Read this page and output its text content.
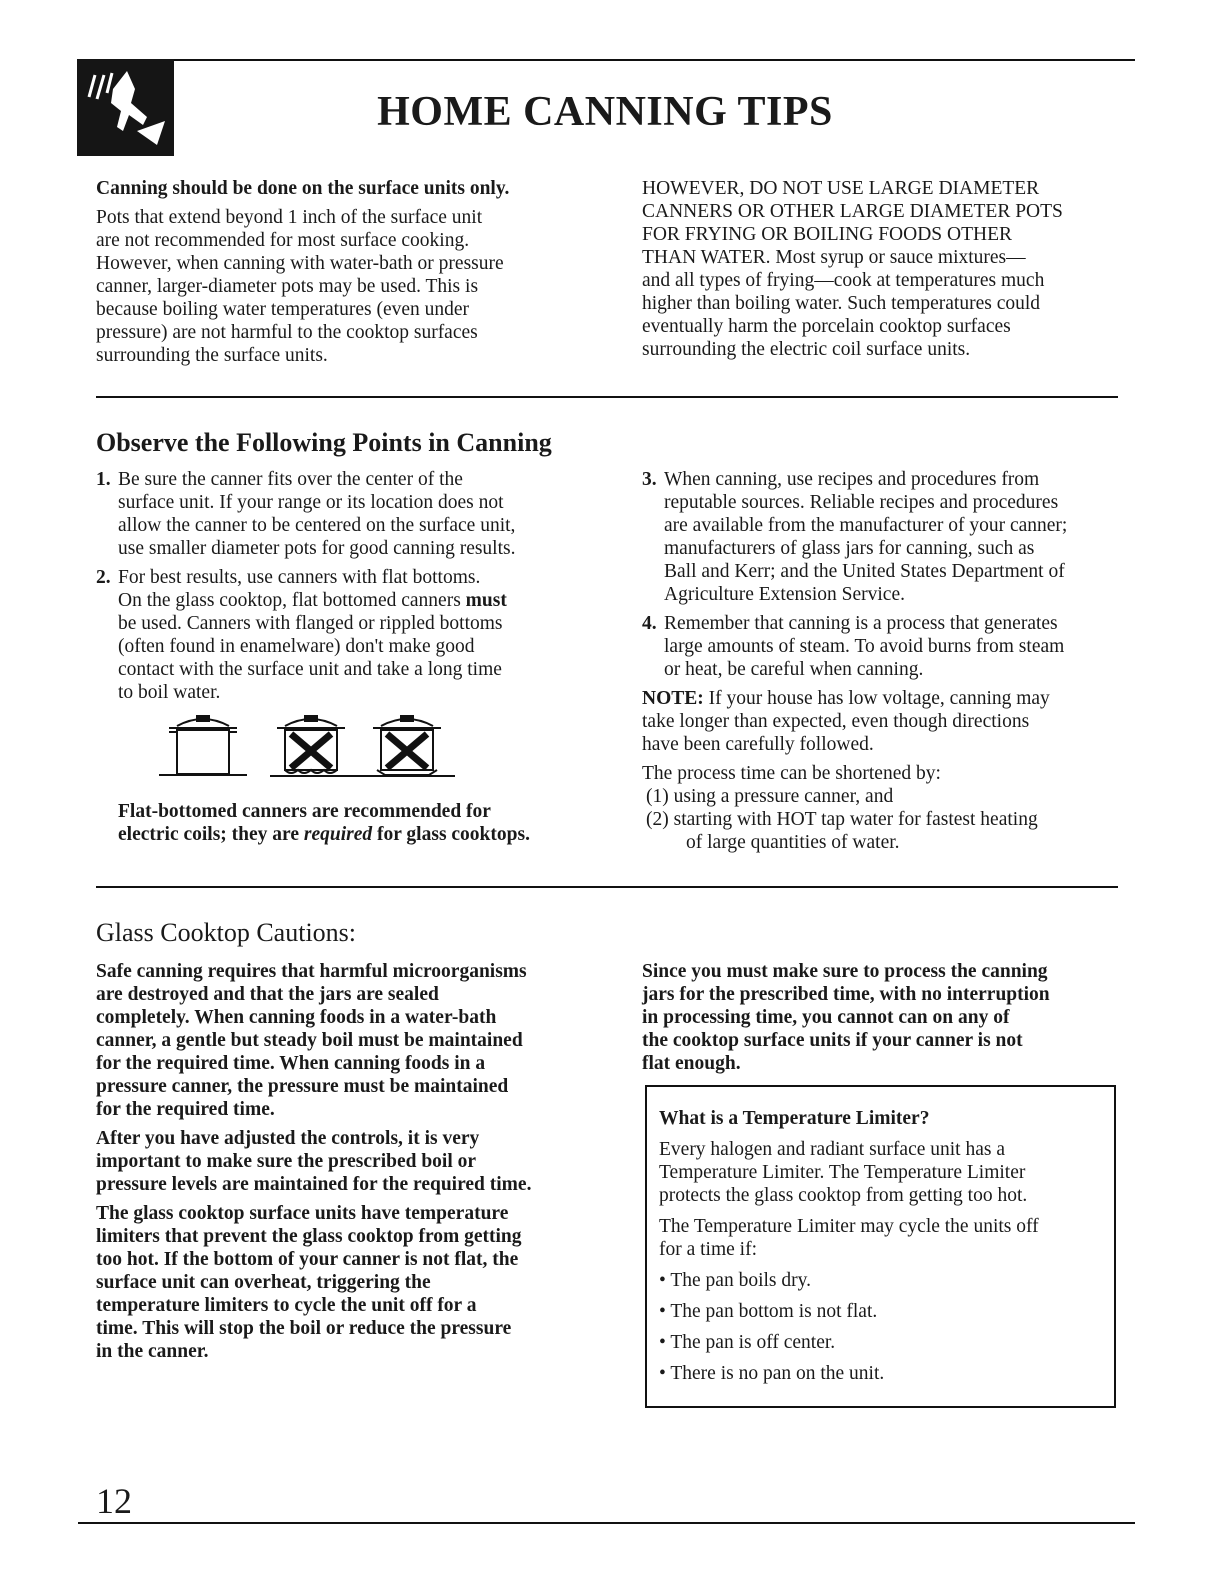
HOME CANNING TIPS

Canning should be done on the surface units only.

Pots that extend beyond 1 inch of the surface unit

are not recommended for most surface cooking.

However, when canning with water-bath or pressure

canner, larger-diameter pots may be used. This is

because boiling water temperatures (even under

pressure) are not harmful to the cooktop surfaces

surrounding the surface units.

HOWEVER, DO NOT USE LARGE DIAMETER

CANNERS OR OTHER LARGE DIAMETER POTS

FOR FRYING OR BOILING FOODS OTHER

THAN WATER. Most syrup or sauce mixtures—

and all types of frying—cook at temperatures much

higher than boiling water. Such temperatures could

eventually harm the porcelain cooktop surfaces

surrounding the electric coil surface units.

Observe the Following Points in Canning
1. Be sure the canner fits over the center of the

surface unit. If your range or its location does not

allow the canner to be centered on the surface unit,

use smaller diameter pots for good canning results.

2. For best results, use canners with flat bottoms.

On the glass cooktop, flat bottomed canners must

be used. Canners with flanged or rippled bottoms

(often found in enamelware) don't make good

contact with the surface unit and take a long time

to boil water.

Flat-bottomed canners are recommended for

electric coils; they are required for glass cooktops.

3. When canning, use recipes and procedures from

reputable sources. Reliable recipes and procedures

are available from the manufacturer of your canner;

manufacturers of glass jars for canning, such as

Ball and Kerr; and the United States Department of

Agriculture Extension Service.

4. Remember that canning is a process that generates

large amounts of steam. To avoid burns from steam

or heat, be careful when canning.

NOTE: If your house has low voltage, canning may

take longer than expected, even though directions

have been carefully followed.

The process time can be shortened by:

(1) using a pressure canner, and

(2) starting with HOT tap water for fastest heating

of large quantities of water.

Glass Cooktop Cautions:

Safe canning requires that harmful microorganisms

are destroyed and that the jars are sealed

completely. When canning foods in a water-bath

canner, a gentle but steady boil must be maintained

for the required time. When canning foods in a

pressure canner, the pressure must be maintained

for the required time.

After you have adjusted the controls, it is very

important to make sure the prescribed boil or

pressure levels are maintained for the required time.

The glass cooktop surface units have temperature

limiters that prevent the glass cooktop from getting

too hot. If the bottom of your canner is not flat, the

surface unit can overheat, triggering the

temperature limiters to cycle the unit off for a

time. This will stop the boil or reduce the pressure

in the canner.

Since you must make sure to process the canning

jars for the prescribed time, with no interruption

in processing time, you cannot can on any of

the cooktop surface units if your canner is not

flat enough.

What is a Temperature Limiter?

Every halogen and radiant surface unit has a

Temperature Limiter. The Temperature Limiter

protects the glass cooktop from getting too hot.

The Temperature Limiter may cycle the units off

for a time if:

• The pan boils dry.

• The pan bottom is not flat.

• The pan is off center.

• There is no pan on the unit.

12
